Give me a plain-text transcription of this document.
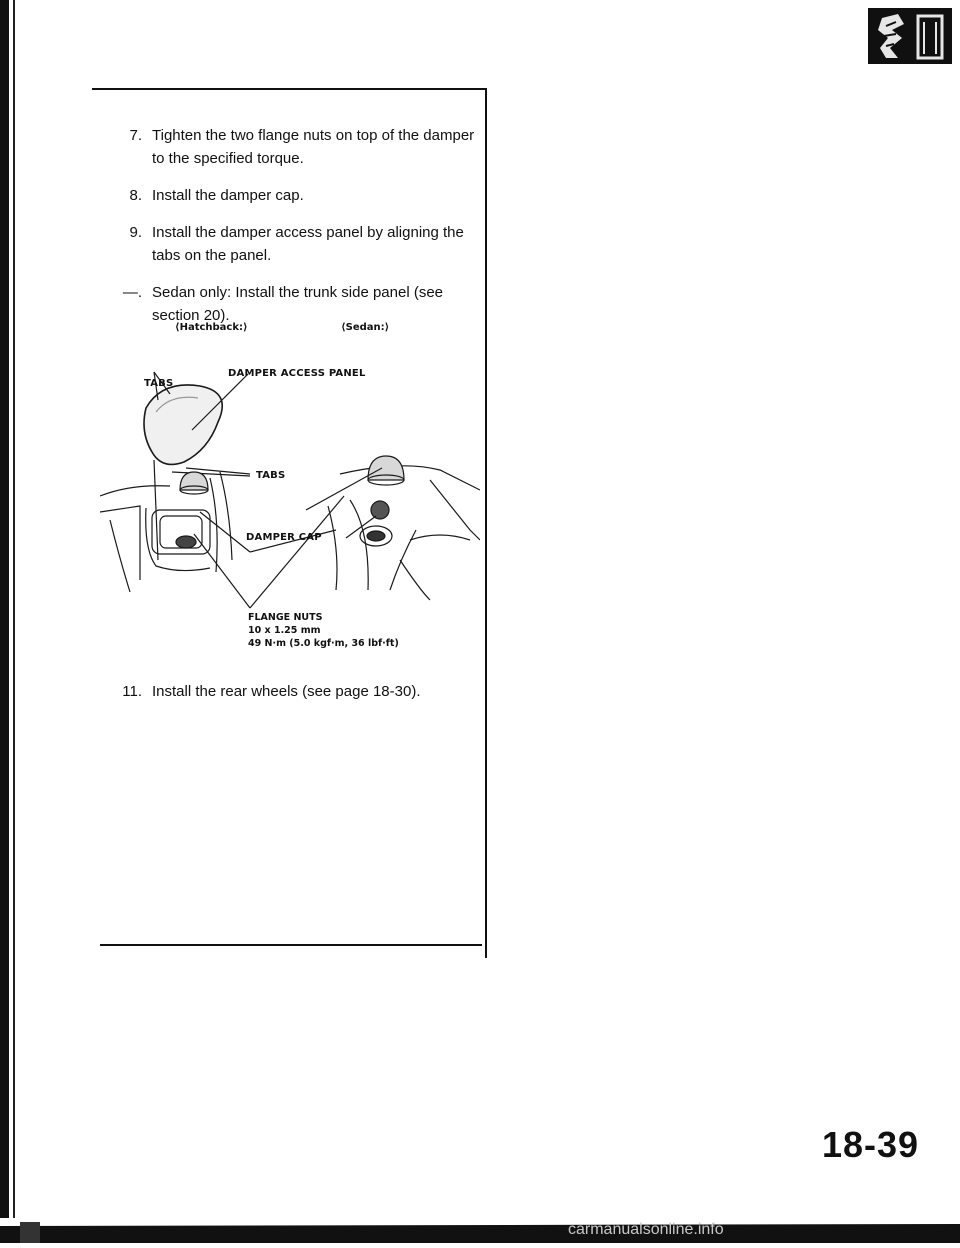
7. Tighten the two flange nuts on top of the damper to the specified torque.
8. Install the damper cap.
9. Install the damper access panel by aligning the tabs on the panel.
—. Sedan only: Install the trunk side panel (see section 20).
⟨Hatchback:⟩	⟨Sedan:⟩
DAMPER ACCESS PANEL
TABS
TABS
DAMPER CAP
FLANGE NUTS
10 x 1.25 mm
49 N·m (5.0 kgf·m, 36 lbf·ft)
11. Install the rear wheels (see page 18-30).
18-39
carmanualsonline.info
